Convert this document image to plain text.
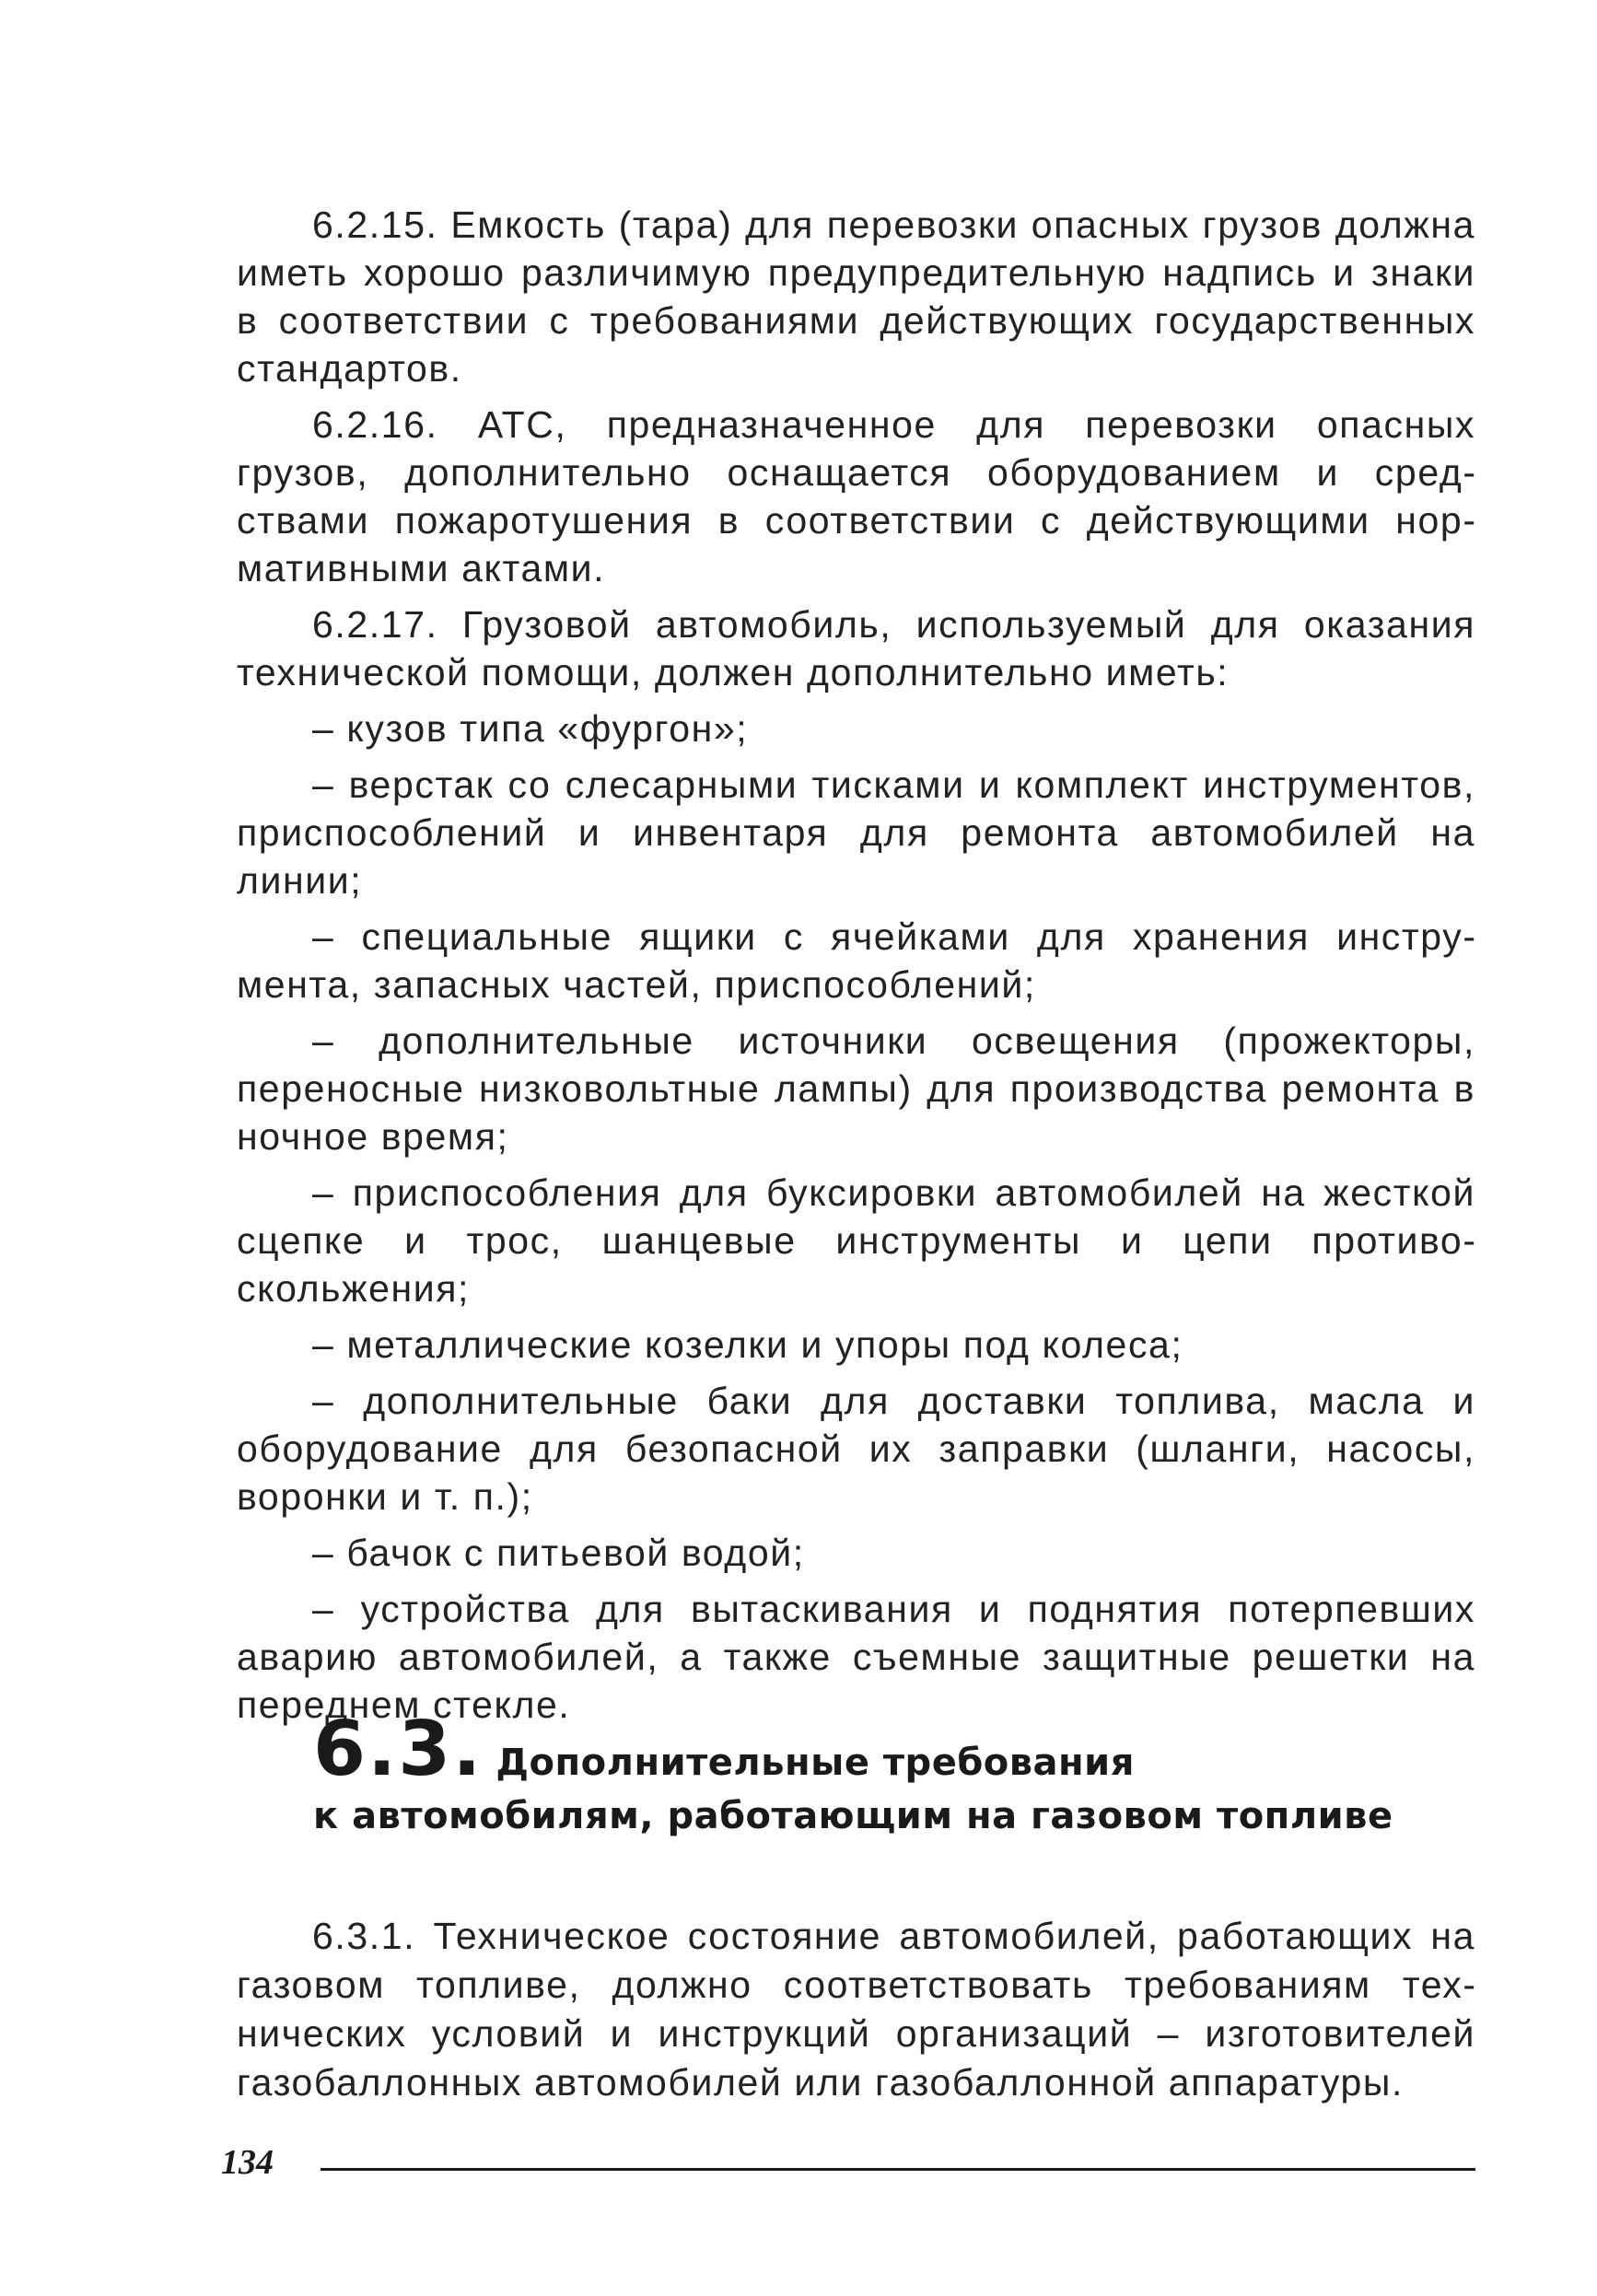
6.2.15. Емкость (тара) для перевозки опасных грузов должна иметь хорошо различимую предупредительную надпись и знаки в соответствии с требованиями действующих государственных стандартов.

6.2.16. АТС, предназначенное для перевозки опасных грузов, дополнительно оснащается оборудованием и средствами пожаротушения в соответствии с действующими нормативными актами.

6.2.17. Грузовой автомобиль, используемый для оказания технической помощи, должен дополнительно иметь:

– кузов типа «фургон»;

– верстак со слесарными тисками и комплект инструментов, приспособлений и инвентаря для ремонта автомобилей на линии;

– специальные ящики с ячейками для хранения инструмента, запасных частей, приспособлений;

– дополнительные источники освещения (прожекторы, переносные низковольтные лампы) для производства ремонта в ночное время;

– приспособления для буксировки автомобилей на жесткой сцепке и трос, шанцевые инструменты и цепи противоскольжения;

– металлические козелки и упоры под колеса;

– дополнительные баки для доставки топлива, масла и оборудование для безопасной их заправки (шланги, насосы, воронки и т. п.);

– бачок с питьевой водой;

– устройства для вытаскивания и поднятия потерпевших аварию автомобилей, а также съемные защитные решетки на переднем стекле.

6.3. Дополнительные требования
к автомобилям, работающим на газовом топливе

6.3.1. Техническое состояние автомобилей, работающих на газовом топливе, должно соответствовать требованиям технических условий и инструкций организаций – изготовителей газобаллонных автомобилей или газобаллонной аппаратуры.

134
